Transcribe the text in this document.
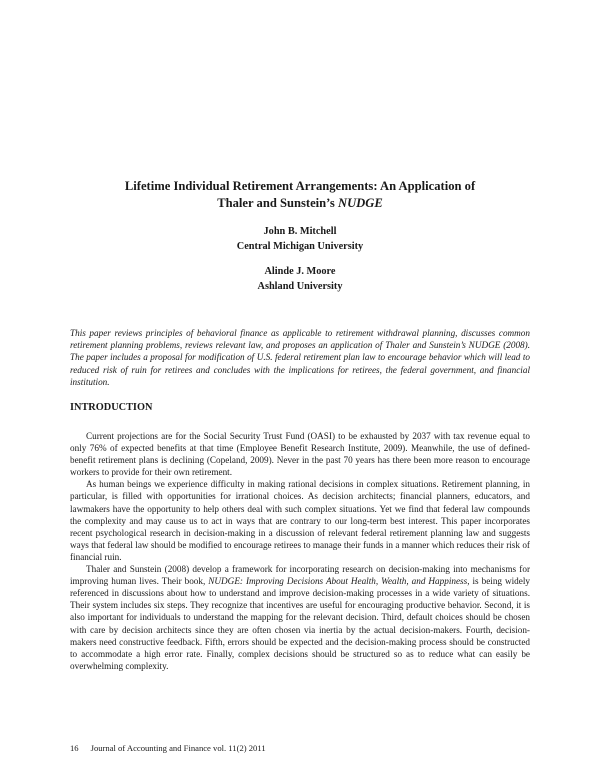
Lifetime Individual Retirement Arrangements: An Application of
Thaler and Sunstein’s NUDGE
John B. Mitchell
Central Michigan University
Alinde J. Moore
Ashland University
This paper reviews principles of behavioral finance as applicable to retirement withdrawal planning, discusses common retirement planning problems, reviews relevant law, and proposes an application of Thaler and Sunstein’s NUDGE (2008). The paper includes a proposal for modification of U.S. federal retirement plan law to encourage behavior which will lead to reduced risk of ruin for retirees and concludes with the implications for retirees, the federal government, and financial institution.
INTRODUCTION

Current projections are for the Social Security Trust Fund (OASI) to be exhausted by 2037 with tax revenue equal to only 76% of expected benefits at that time (Employee Benefit Research Institute, 2009). Meanwhile, the use of defined-benefit retirement plans is declining (Copeland, 2009). Never in the past 70 years has there been more reason to encourage workers to provide for their own retirement.

As human beings we experience difficulty in making rational decisions in complex situations. Retirement planning, in particular, is filled with opportunities for irrational choices. As decision architects; financial planners, educators, and lawmakers have the opportunity to help others deal with such complex situations. Yet we find that federal law compounds the complexity and may cause us to act in ways that are contrary to our long-term best interest. This paper incorporates recent psychological research in decision-making in a discussion of relevant federal retirement planning law and suggests ways that federal law should be modified to encourage retirees to manage their funds in a manner which reduces their risk of financial ruin.

Thaler and Sunstein (2008) develop a framework for incorporating research on decision-making into mechanisms for improving human lives. Their book, NUDGE: Improving Decisions About Health, Wealth, and Happiness, is being widely referenced in discussions about how to understand and improve decision-making processes in a wide variety of situations. Their system includes six steps. They recognize that incentives are useful for encouraging productive behavior. Second, it is also important for individuals to understand the mapping for the relevant decision. Third, default choices should be chosen with care by decision architects since they are often chosen via inertia by the actual decision-makers. Fourth, decision-makers need constructive feedback. Fifth, errors should be expected and the decision-making process should be constructed to accommodate a high error rate. Finally, complex decisions should be structured so as to reduce what can easily be overwhelming complexity.

16 Journal of Accounting and Finance vol. 11(2) 2011
